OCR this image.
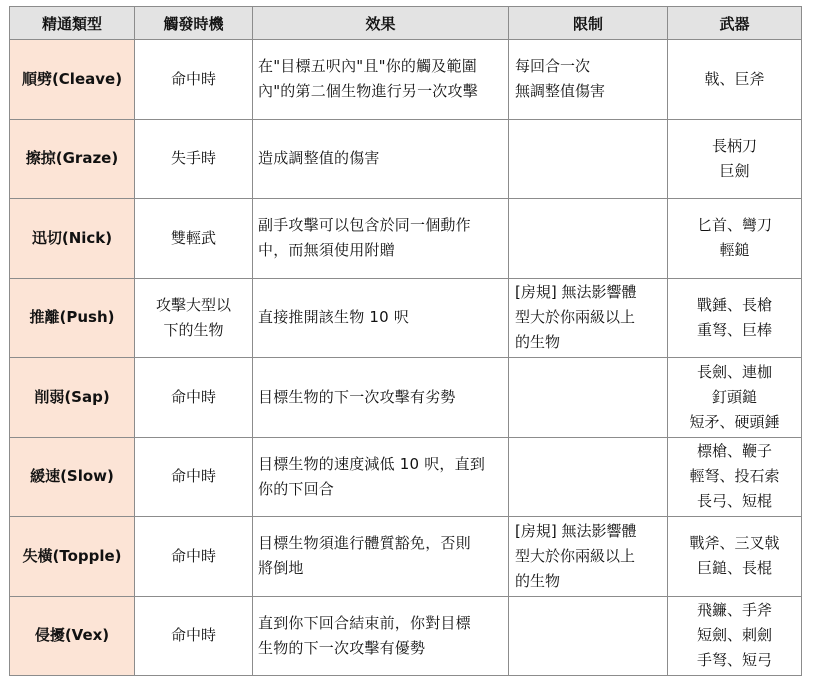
精通類型	觸發時機	效果	限制	武器
順劈(Cleave)	命中時	在"目標五呎內"且"你的觸及範圍
內"的第二個生物進行另一次攻擊	每回合一次
無調整值傷害	戟、巨斧

擦掠(Graze)	失手時	造成調整值的傷害		長柄刀
巨劍

迅切(Nick)	雙輕武	副手攻擊可以包含於同一個動作
中，而無須使用附贈		匕首、彎刀
輕鎚

推離(Push)	攻擊大型以
下的生物	直接推開該生物 10 呎	[房規] 無法影響體
型大於你兩級以上
的生物	戰錘、長槍
重弩、巨棒

削弱(Sap)	命中時	目標生物的下一次攻擊有劣勢		長劍、連枷
釘頭鎚
短矛、硬頭錘

緩速(Slow)	命中時	目標生物的速度減低 10 呎，直到
你的下回合		標槍、鞭子
輕弩、投石索
長弓、短棍

失橫(Topple)	命中時	目標生物須進行體質豁免，否則
將倒地	[房規] 無法影響體
型大於你兩級以上
的生物	戰斧、三叉戟
巨鎚、長棍

侵擾(Vex)	命中時	直到你下回合結束前，你對目標
生物的下一次攻擊有優勢		飛鐮、手斧
短劍、刺劍
手弩、短弓
